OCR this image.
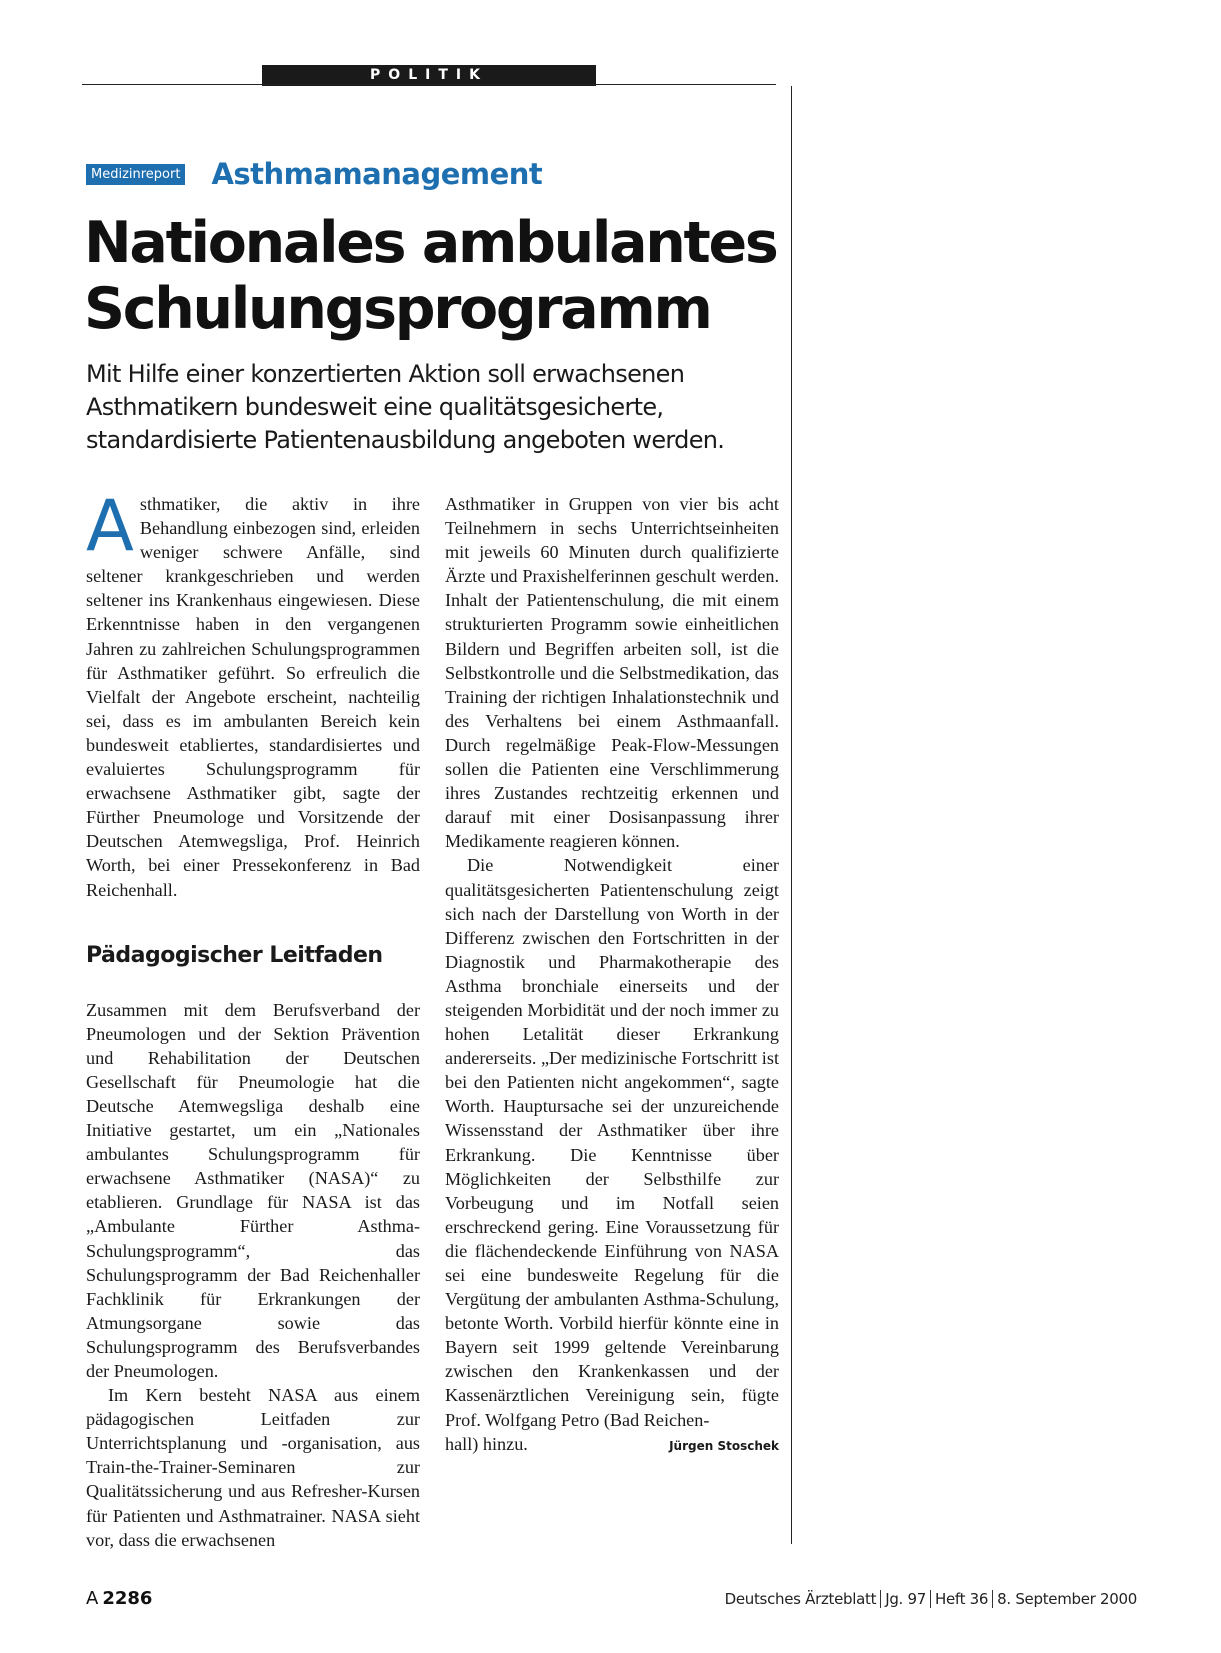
POLITIK
Medizinreport Asthmamanagement
Nationales ambulantes
Schulungsprogramm

Mit Hilfe einer konzertierten Aktion soll erwachsenen Asthmatikern bundesweit eine qualitätsgesicherte, standardisierte Patientenausbildung angeboten werden.

Asthmatiker, die aktiv in ihre Behandlung einbezogen sind, erleiden weniger schwere Anfälle, sind seltener krankgeschrieben und werden seltener ins Krankenhaus eingewiesen. Diese Erkenntnisse haben in den vergangenen Jahren zu zahlreichen Schulungsprogrammen für Asthmatiker geführt. So erfreulich die Vielfalt der Angebote erscheint, nachteilig sei, dass es im ambulanten Bereich kein bundesweit etabliertes, standardisiertes und evaluiertes Schulungsprogramm für erwachsene Asthmatiker gibt, sagte der Fürther Pneumologe und Vorsitzende der Deutschen Atemwegsliga, Prof. Heinrich Worth, bei einer Pressekonferenz in Bad Reichenhall.

Pädagogischer Leitfaden

Zusammen mit dem Berufsverband der Pneumologen und der Sektion Prävention und Rehabilitation der Deutschen Gesellschaft für Pneumologie hat die Deutsche Atemwegsliga deshalb eine Initiative gestartet, um ein „Nationales ambulantes Schulungsprogramm für erwachsene Asthmatiker (NASA)“ zu etablieren. Grundlage für NASA ist das „Ambulante Fürther Asthma-Schulungsprogramm“, das Schulungsprogramm der Bad Reichenhaller Fachklinik für Erkrankungen der Atmungsorgane sowie das Schulungsprogramm des Berufsverbandes der Pneumologen.

Im Kern besteht NASA aus einem pädagogischen Leitfaden zur Unterrichtsplanung und -organisation, aus Train-the-Trainer-Seminaren zur Qualitätssicherung und aus Refresher-Kursen für Patienten und Asthmatrainer. NASA sieht vor, dass die erwachsenen

Asthmatiker in Gruppen von vier bis acht Teilnehmern in sechs Unterrichtseinheiten mit jeweils 60 Minuten durch qualifizierte Ärzte und Praxishelferinnen geschult werden. Inhalt der Patientenschulung, die mit einem strukturierten Programm sowie einheitlichen Bildern und Begriffen arbeiten soll, ist die Selbstkontrolle und die Selbstmedikation, das Training der richtigen Inhalationstechnik und des Verhaltens bei einem Asthmaanfall. Durch regelmäßige Peak-Flow-Messungen sollen die Patienten eine Verschlimmerung ihres Zustandes rechtzeitig erkennen und darauf mit einer Dosisanpassung ihrer Medikamente reagieren können.

Die Notwendigkeit einer qualitätsgesicherten Patientenschulung zeigt sich nach der Darstellung von Worth in der Differenz zwischen den Fortschritten in der Diagnostik und Pharmakotherapie des Asthma bronchiale einerseits und der steigenden Morbidität und der noch immer zu hohen Letalität dieser Erkrankung andererseits. „Der medizinische Fortschritt ist bei den Patienten nicht angekommen“, sagte Worth. Hauptursache sei der unzureichende Wissensstand der Asthmatiker über ihre Erkrankung. Die Kenntnisse über Möglichkeiten der Selbsthilfe zur Vorbeugung und im Notfall seien erschreckend gering. Eine Voraussetzung für die flächendeckende Einführung von NASA sei eine bundesweite Regelung für die Vergütung der ambulanten Asthma-Schulung, betonte Worth. Vorbild hierfür könnte eine in Bayern seit 1999 geltende Vereinbarung zwischen den Krankenkassen und der Kassenärztlichen Vereinigung sein, fügte Prof. Wolfgang Petro (Bad Reichen-

hall) hinzu.	Jürgen Stoschek
A 2286	Deutsches Ärzteblatt Jg. 97 Heft 36 8. September 2000
